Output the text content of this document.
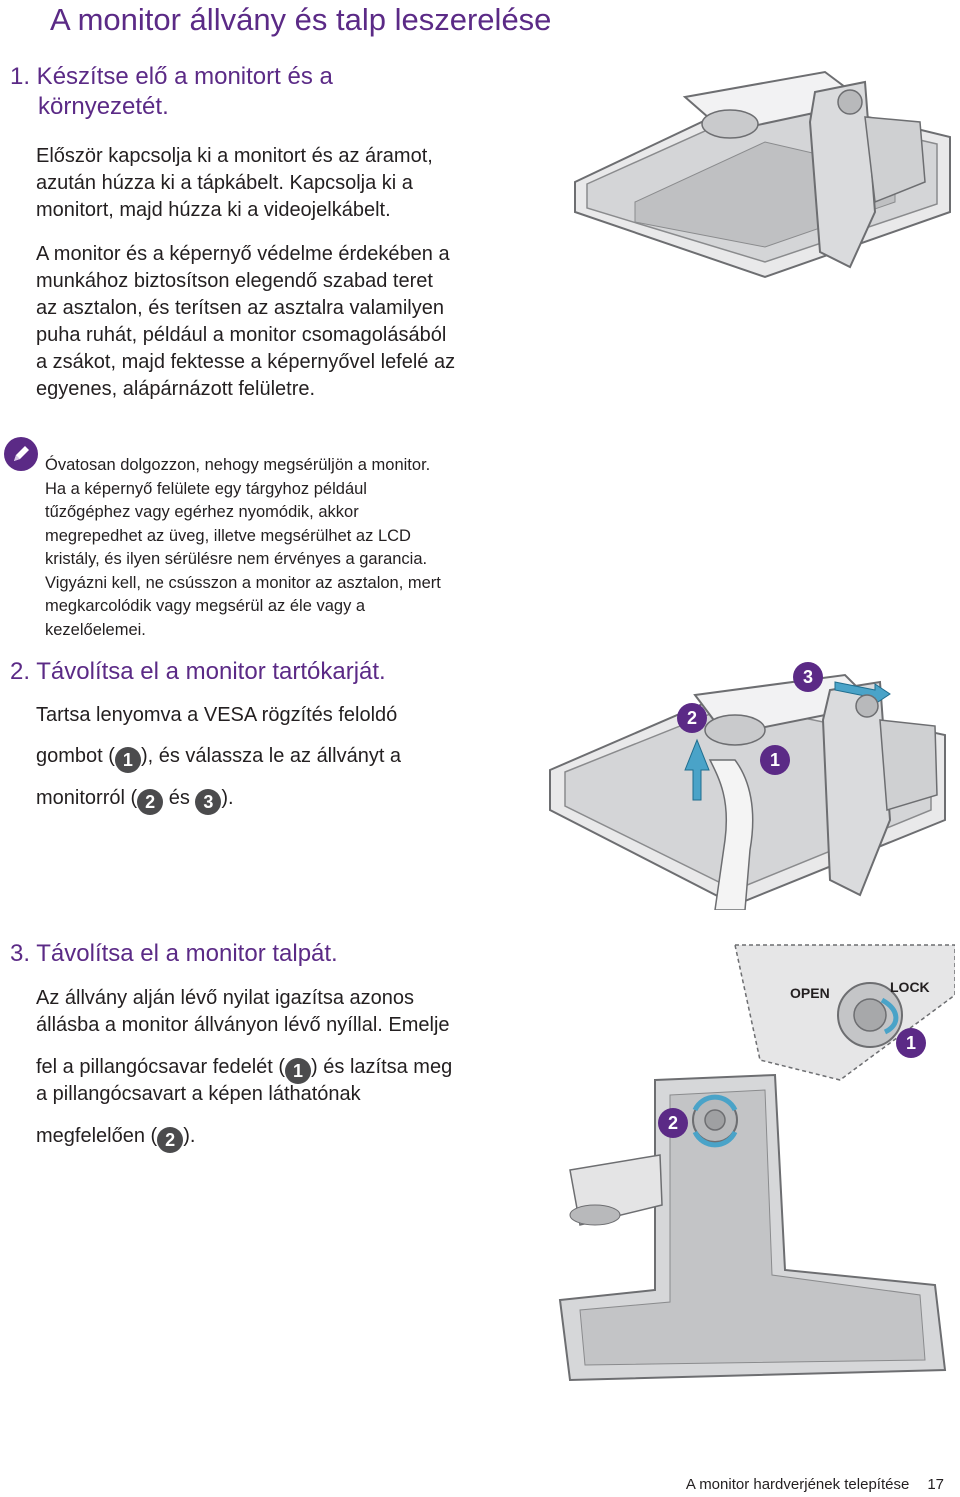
A monitor állvány és talp leszerelése
1. Készítse elő a monitort és a
környezetét.
Először kapcsolja ki a monitort és az áramot,
azután húzza ki a tápkábelt. Kapcsolja ki a
monitort, majd húzza ki a videojelkábelt.
A monitor és a képernyő védelme érdekében a
munkához biztosítson elegendő szabad teret
az asztalon, és terítsen az asztalra valamilyen
puha ruhát, például a monitor csomagolásából
a zsákot, majd fektesse a képernyővel lefelé az
egyenes, alápárnázott felületre.
Óvatosan dolgozzon, nehogy megsérüljön a monitor.
Ha a képernyő felülete egy tárgyhoz például
tűzőgéphez vagy egérhez nyomódik, akkor
megrepedhet az üveg, illetve megsérülhet az LCD
kristály, és ilyen sérülésre nem érvényes a garancia.
Vigyázni kell, ne csússzon a monitor az asztalon, mert
megkarcolódik vagy megsérül az éle vagy a
kezelőelemei.
2. Távolítsa el a monitor tartókarját.
Tartsa lenyomva a VESA rögzítés feloldó
gombot ( 1 ), és válassza le az állványt a
monitorról ( 2 és 3 ).
2
1
3
3. Távolítsa el a monitor talpát.
Az állvány alján lévő nyilat igazítsa azonos
állásba a monitor állványon lévő nyíllal. Emelje
fel a pillangócsavar fedelét ( 1 ) és lazítsa meg
a pillangócsavart a képen láthatónak
megfelelően ( 2 ).
OPEN	LOCK
1
2
A monitor hardverjének telepítése 17
